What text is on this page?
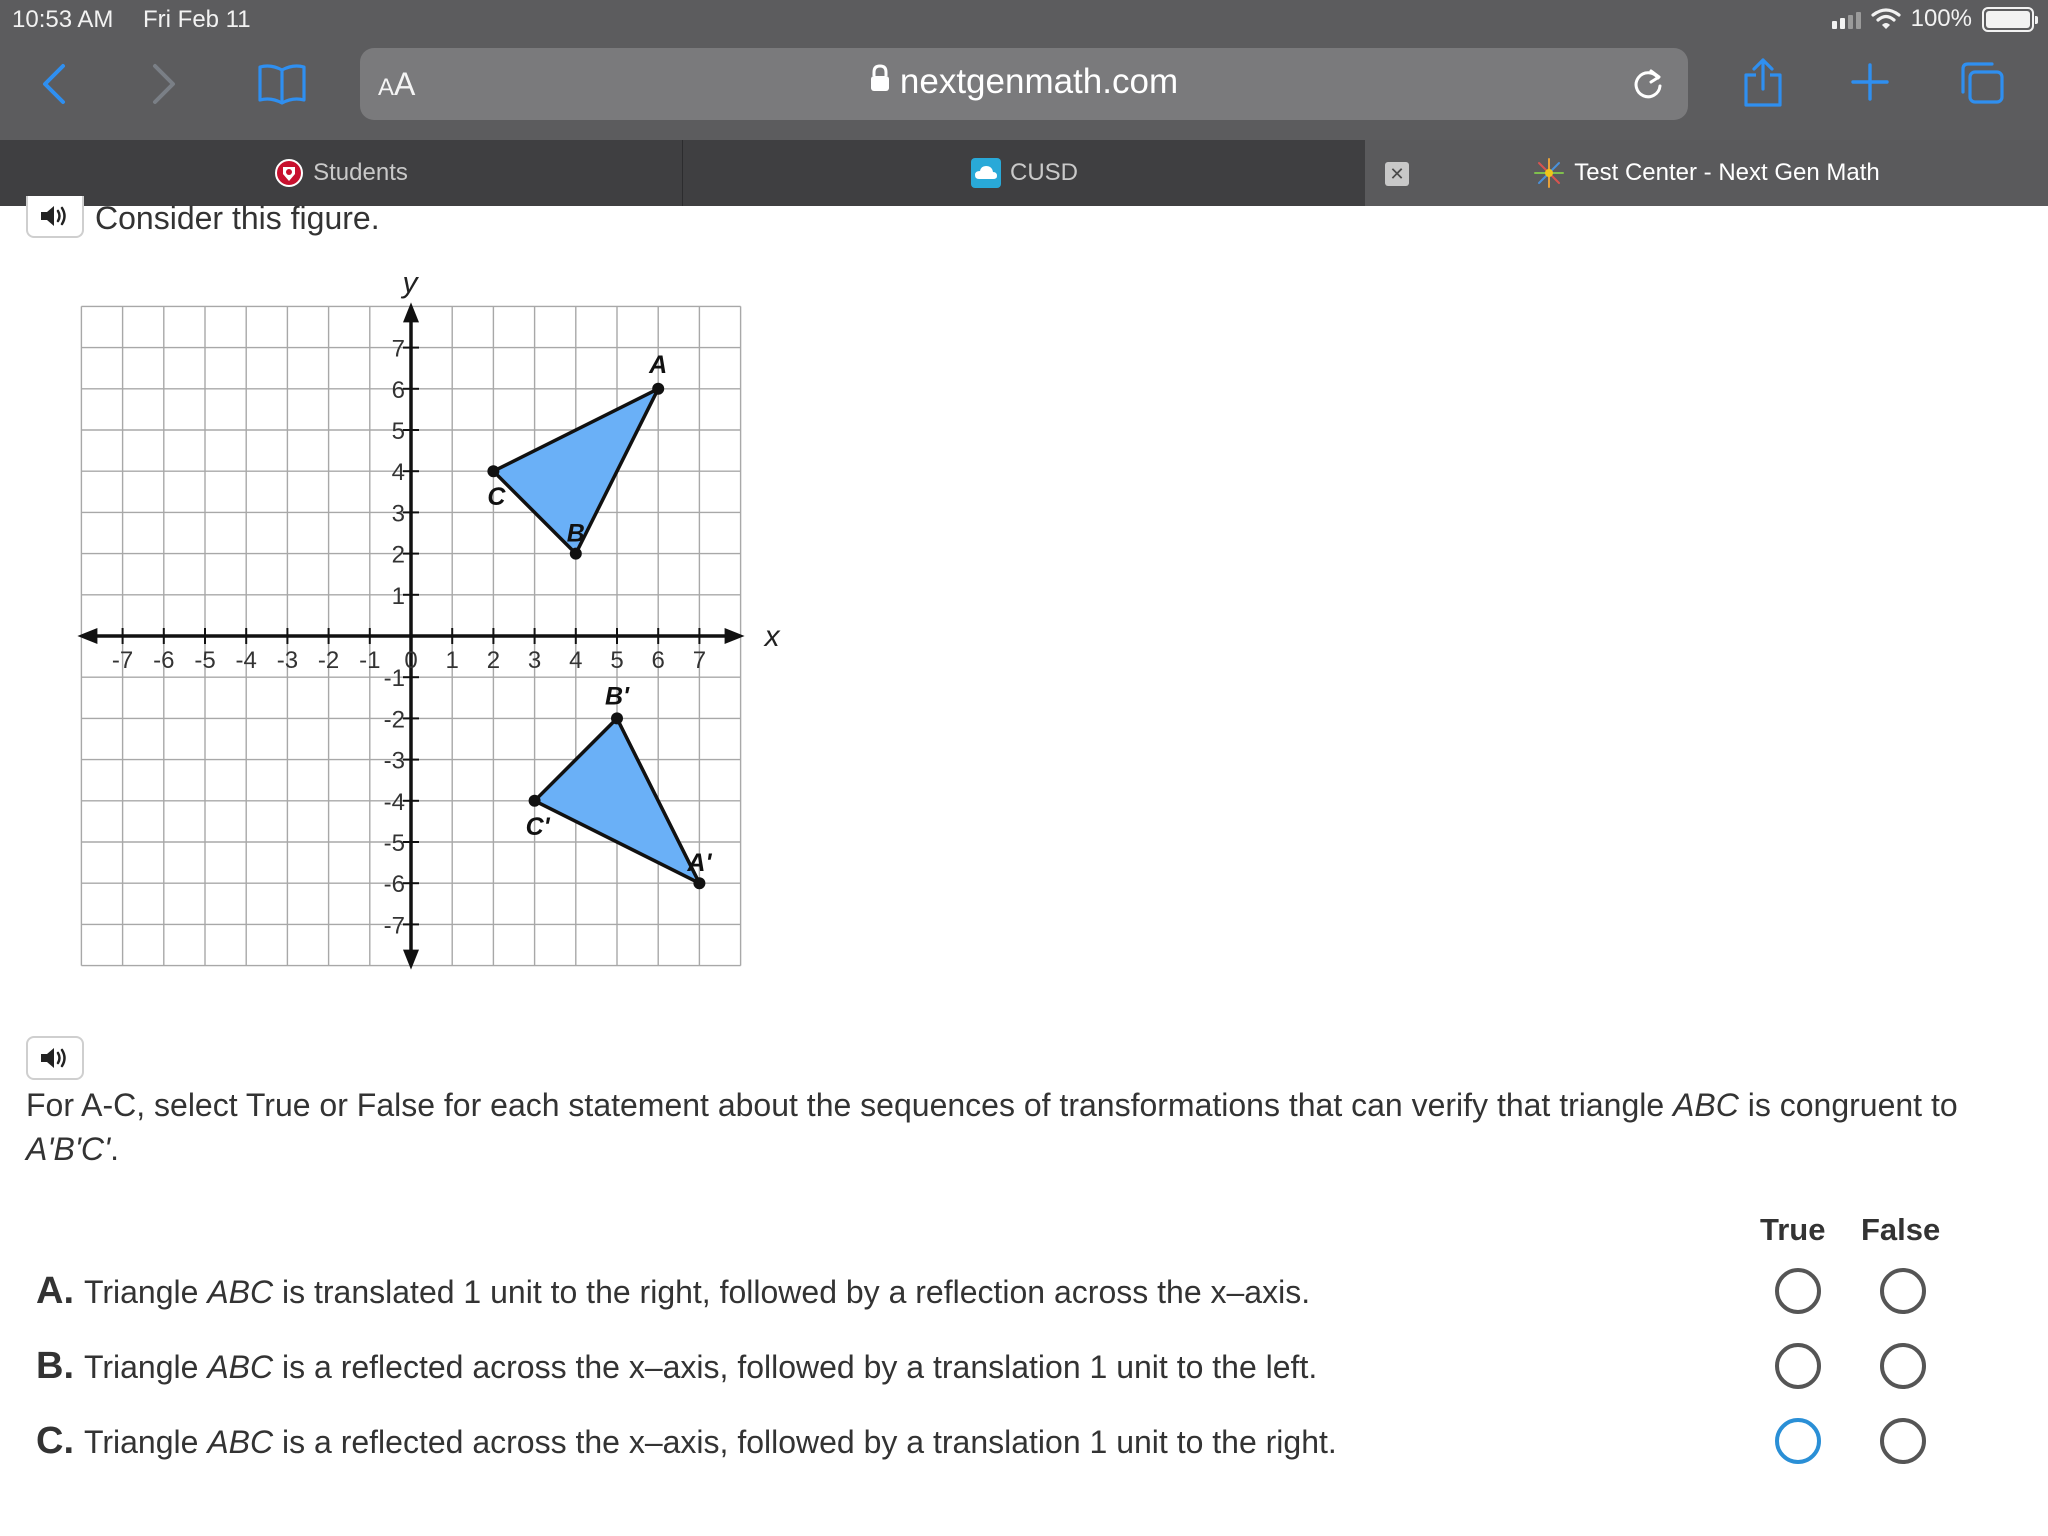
10:53 AM Fri Feb 11	100%
AA	nextgenmath.com
Students	CUSD	Test Center - Next Gen Math
✕
Consider this figure.
-7 -6 -5 -4 -3 -2 -1 0 1 2 3 4 5 6 7
-7
-6
-5
-4
-3
-2
-1
1
2
3
4
5
6
7
A
B
C
A'
B'
C'
x
y
For A-C, select True or False for each statement about the sequences of transformations that can verify that triangle ABC is congruent to A'B'C'.
True False
A. Triangle ABC is translated 1 unit to the right, followed by a reflection across the x–axis.
B. Triangle ABC is a reflected across the x–axis, followed by a translation 1 unit to the left.
C. Triangle ABC is a reflected across the x–axis, followed by a translation 1 unit to the right.
